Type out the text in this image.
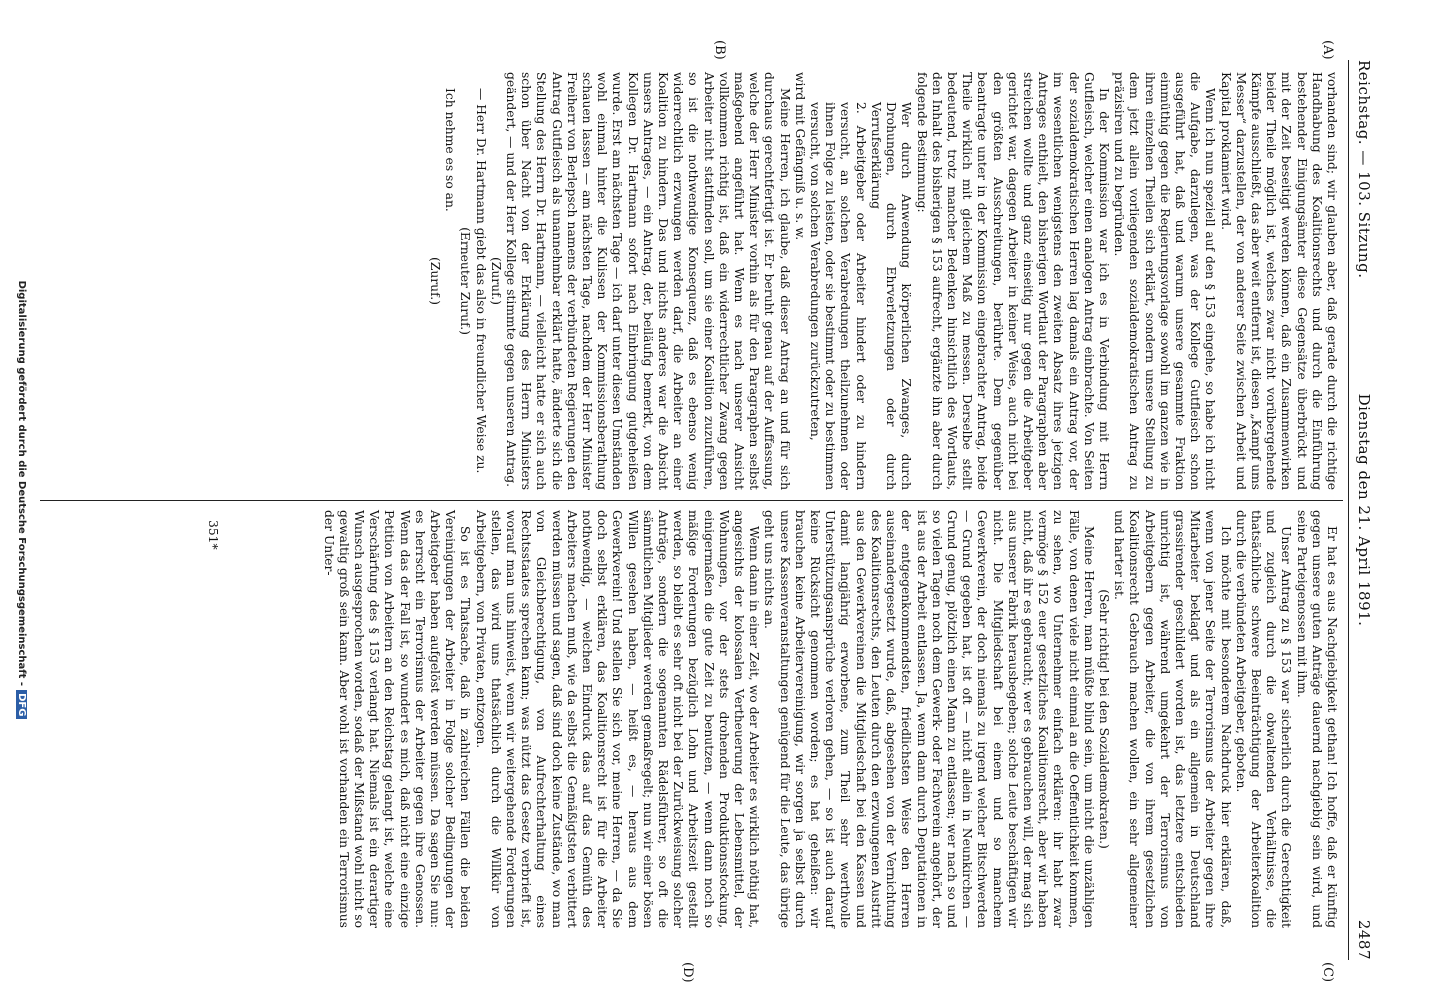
Reichstag. — 103. Sitzung.
Dienstag den 21. April 1891.
2487
(A)
(B)
(C)
(D)

vorhanden sind; wir glauben aber, daß gerade durch die richtige Handhabung des Koalitionsrechts und durch die Einführung bestehender Einigungsämter diese Gegensätze überbrückt und mit der Zeit beseitigt werden können, daß ein Zusammenwirken beider Theile möglich ist, welches zwar nicht vorübergehende Kämpfe ausschließt, das aber weit entfernt ist, diesen „Kampf ums Messer“ darzustellen, der von anderer Seite zwischen Arbeit und Kapital proklamiert wird.

Wenn ich nun speziell auf den § 153 eingehe, so habe ich nicht die Aufgabe, darzulegen, was der Kollege Gutfleisch schon ausgeführt hat, daß und warum unsere gesammte Fraktion einmüthig gegen die Regierungsvorlage sowohl im ganzen wie in ihren einzelnen Theilen sich erklärt, sondern unsere Stellung zu dem jetzt allein vorliegenden sozialdemokratischen Antrag zu präzisiren und zu begründen.

In der Kommission war ich es in Verbindung mit Herrn Gutfleisch, welcher einen analogen Antrag einbrachte. Von Seiten der sozialdemokratischen Herren lag damals ein Antrag vor, der im wesentlichen wenigstens den zweiten Absatz ihres jetzigen Antrages enthielt, den bisherigen Wortlaut der Paragraphen aber streichen wollte und ganz einseitig nur gegen die Arbeitgeber gerichtet war, dagegen Arbeiter in keiner Weise, auch nicht bei den größten Ausschreitungen, berührte. Dem gegenüber beantragte unter in der Kommission eingebrachter Antrag, beide Theile wirklich mit gleichem Maß zu messen. Derselbe stellt bedeutend, trotz mancher Bedenken hinsichtlich des Wortlauts, den Inhalt des bisherigen § 153 aufrecht, ergänzte ihn aber durch folgende Bestimmung:

Wer durch Anwendung körperlichen Zwanges, durch Drohungen, durch Ehrverletzungen oder durch Verrufserklärung

2. Arbeitgeber oder Arbeiter hindert oder zu hindern versucht, an solchen Verabredungen theilzunehmen oder ihnen Folge zu leisten, oder sie bestimmt oder zu bestimmen versucht, von solchen Verabredungen zurückzutreten,

wird mit Gefängniß u. s. w.

Meine Herren, ich glaube, daß dieser Antrag an und für sich durchaus gerechtfertigt ist. Er beruht genau auf der Auffassung, welche der Herr Minister vorhin als für den Paragraphen selbst maßgebend angeführt hat. Wenn es nach unserer Ansicht vollkommen richtig ist, daß ein widerrechtlicher Zwang gegen Arbeiter nicht stattfinden soll, um sie einer Koalition zuzuführen, so ist die nothwendige Konsequenz, daß es ebenso wenig widerrechtlich erzwungen werden darf, die Arbeiter an einer Koalition zu hindern. Das und nichts anderes war die Absicht unsers Antrages, — ein Antrag, der, beiläufig bemerkt, von dem Kollegen Dr. Hartmann sofort nach Einbringung gutgeheißen wurde. Erst am nächsten Tage — ich darf unter diesen Umständen wohl einmal hinter die Kulissen der Kommissionsberathung schauen lassen — am nächsten Tage, nachdem der Herr Minister Freiherr von Berlepsch namens der verbündeten Regierungen den Antrag Gutfleisch als unannehmbar erklärt hatte, änderte sich die Stellung des Herrn Dr. Hartmann, — vielleicht hatte er sich auch schon über Nacht von der Erklärung des Herrn Ministers geändert, — und der Herr Kollege stimmte gegen unseren Antrag.

(Zuruf.)

— Herr Dr. Hartmann giebt das also in freundlicher Weise zu.

(Erneuter Zuruf.)

Ich nehme es so an.

(Zuruf.)

Er hat es aus Nachgiebigkeit gethan! Ich hoffe, daß er künftig gegen unsere guten Anträge dauernd nachgiebig sein wird, und seine Parteigenossen mit ihm.

Unser Antrag zu § 153 war sicherlich durch die Gerechtigkeit und zugleich durch die obwaltenden Verhältnisse, die thatsächliche schwere Beeinträchtigung der Arbeiterkoalition durch die verbündeten Arbeitgeber, geboten.

Ich möchte mit besonderem Nachdruck hier erklären, daß, wenn von jener Seite der Terrorismus der Arbeiter gegen ihre Mitarbeiter beklagt und als ein allgemein in Deutschland grassirender geschildert worden ist, das letztere entschieden unrichtig ist, während umgekehrt der Terrorismus von Arbeitgebern gegen Arbeiter, die von ihrem gesetzlichen Koalitionsrecht Gebrauch machen wollen, ein sehr allgemeiner und harter ist.

(Sehr richtig! bei den Sozialdemokraten.)

Meine Herren, man müßte blind sein, um nicht die unzähligen Fälle, von denen viele nicht einmal an die Oeffentlichkeit kommen, zu sehen, wo Unternehmer einfach erklären: ihr habt zwar vermöge § 152 euer gesetzliches Koalitionsrecht, aber wir haben nicht, daß ihr es gebraucht; wer es gebrauchen will, der mag sich aus unserer Fabrik herausbegeben; solche Leute beschäftigen wir nicht. Die Mitgliedschaft bei einem und so manchem Gewerkverein, der doch niemals zu irgend welcher Bitschwerden — Grund gegeben hat, ist oft — nicht allein in Neunkirchen — Grund genug, plötzlich einen Mann zu entlassen; wer nach so und so vielen Tagen noch dem Gewerk- oder Fachverein angehört, der ist aus der Arbeit entlassen. Ja, wenn dann durch Deputationen in der entgegenkommendsten, friedlichsten Weise den Herren auseinandergesetzt wurde, daß, abgesehen von der Vernichtung des Koalitionsrechts, den Leuten durch den erzwungenen Austritt aus den Gewerkvereinen die Mitgliedschaft bei den Kassen und damit langjährig erworbene, zum Theil sehr werthvolle Unterstützungsansprüche verloren gehen, — so ist auch darauf keine Rücksicht genommen worden; es hat geheißen: wir brauchen keine Arbeitervereinigung, wir sorgen ja selbst durch unsere Kassenveranstaltungen genügend für die Leute, das übrige geht uns nichts an.

Wenn dann in einer Zeit, wo der Arbeiter es wirklich nöthig hat, angesichts der kolossalen Vertheuerung der Lebensmittel, der Wohnungen, vor der stets drohenden Produktionsstockung, einigermaßen die gute Zeit zu benutzen, — wenn dann noch so mäßige Forderungen bezüglich Lohn und Arbeitszeit gestellt werden, so bleibt es sehr oft nicht bei der Zurückweisung solcher Anträge, sondern die sogenannten Rädelsführer, so oft die sämmtlichen Mitglieder werden gemaßregelt; nun wir einer bösen Willen gesehen haben, — heißt es, — heraus aus dem Gewerkverein! Und stellen Sie sich vor, meine Herren, — da Sie doch selbst erklären, das Koalitionsrecht ist für die Arbeiter nothwendig, — welchen Eindruck das auf das Gemüth des Arbeiters machen muß, wie da selbst die Gemäßigtsten verbittert werden müssen und sagen, daß sind doch keine Zustände, wo man von Gleichberechtigung, von Aufrechterhaltung eines Rechtsstaates sprechen kann; was nützt das Gesetz verbrieft ist, worauf man uns hinweist, wenn wir weitergehende Forderungen stellen, das wird uns thatsächlich durch die Willkür von Arbeitgebern, von Privaten, entzogen.

So ist es Thatsache, daß in zahlreichen Fällen die beiden Vereinigungen der Arbeiter in Folge solcher Bedingungen der Arbeitgeber haben aufgelöst werden müssen. Da sagen Sie nun: es herrscht ein Terrorismus der Arbeiter gegen ihre Genossen. Wenn das der Fall ist, so wundert es mich, daß nicht eine einzige Petition von Arbeitern an den Reichstag gelangt ist, welche eine Verschärfung des § 153 verlangt hat. Niemals ist ein derartiger Wunsch ausgesprochen worden, sodaß der Mißstand wohl nicht so gewaltig groß sein kann. Aber wohl ist vorhanden ein Terrorismus der Unter-

351*
Digitalisierung gefördert durch die Deutsche Forschungsgemeinschaft -DFG
